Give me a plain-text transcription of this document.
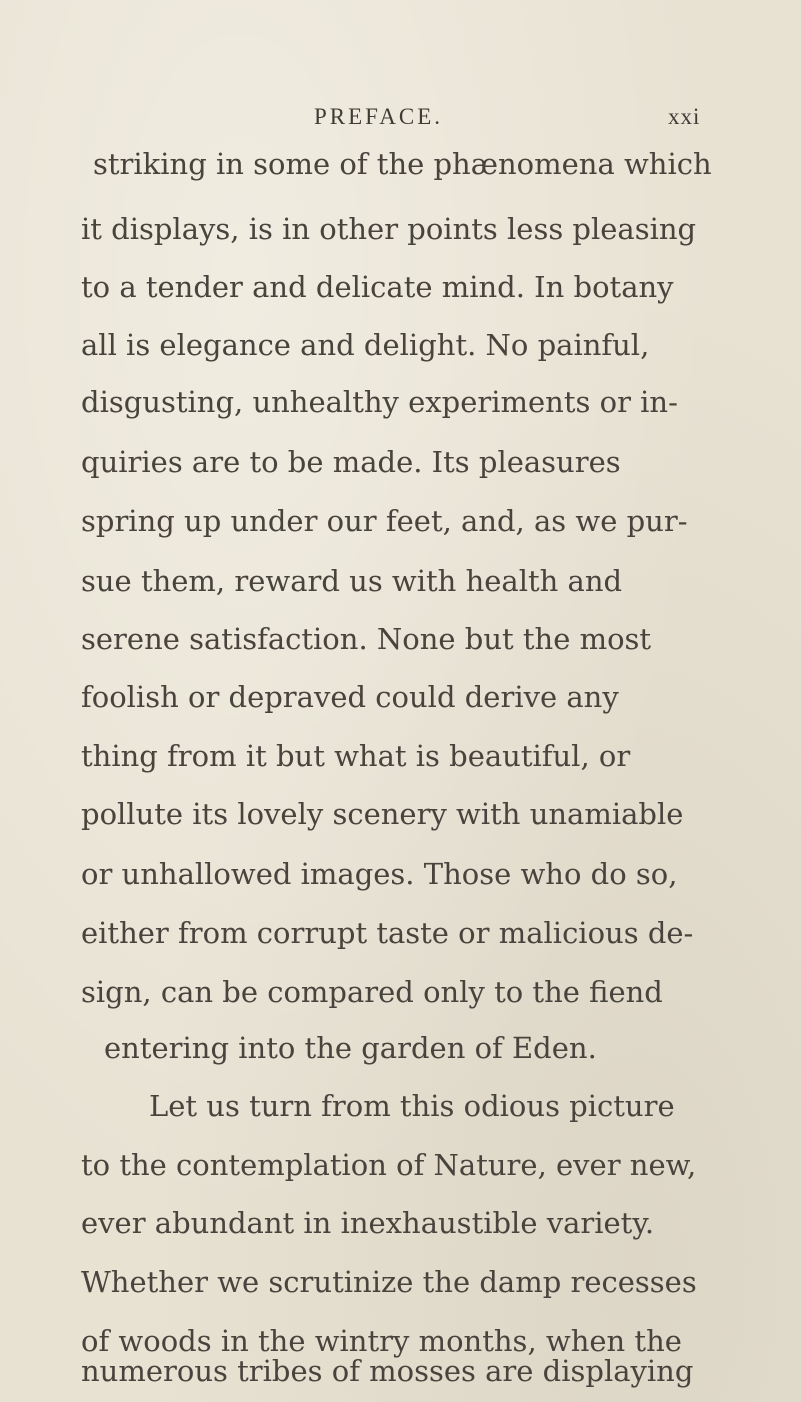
PREFACE.	xxi
striking in some of the phænomena which
it displays, is in other points less pleasing
to a tender and delicate mind. In botany
all is elegance and delight. No painful,
disgusting, unhealthy experiments or in-
quiries are to be made. Its pleasures
spring up under our feet, and, as we pur-
sue them, reward us with health and
serene satisfaction. None but the most
foolish or depraved could derive any
thing from it but what is beautiful, or
pollute its lovely scenery with unamiable
or unhallowed images. Those who do so,
either from corrupt taste or malicious de-
sign, can be compared only to the fiend
entering into the garden of Eden.
Let us turn from this odious picture
to the contemplation of Nature, ever new,
ever abundant in inexhaustible variety.
Whether we scrutinize the damp recesses
of woods in the wintry months, when the
numerous tribes of mosses are displaying
